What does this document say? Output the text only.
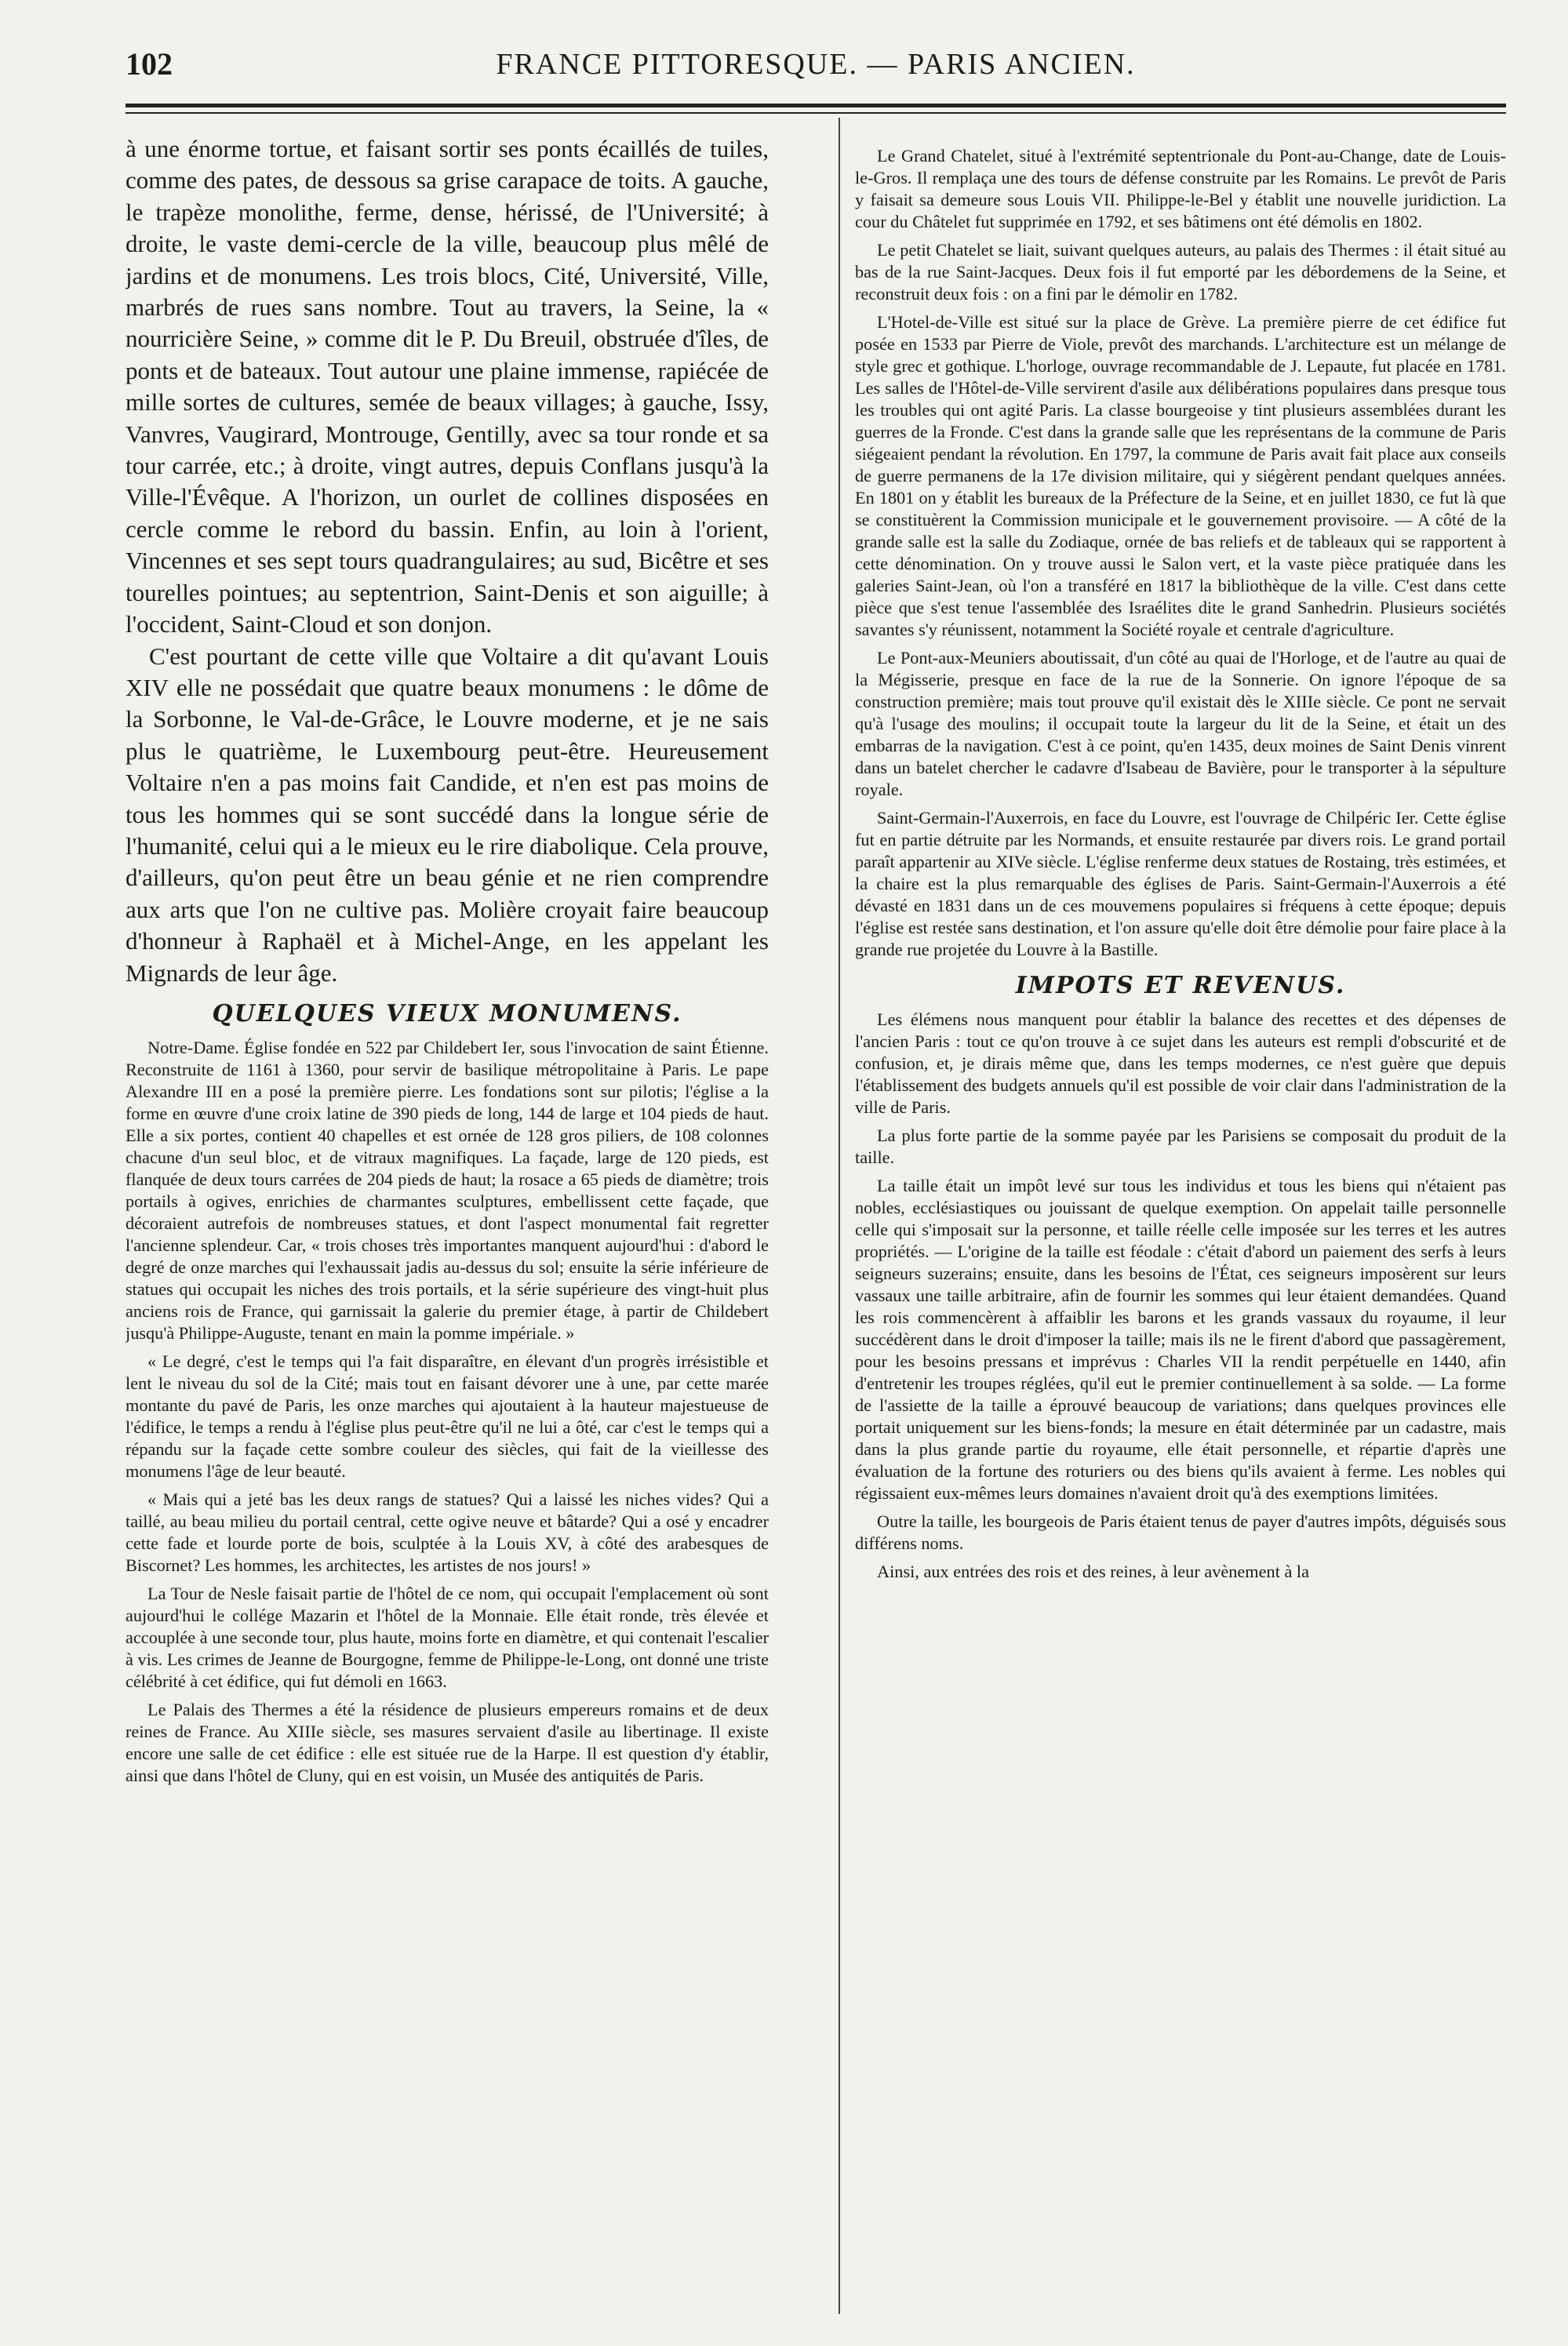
102	FRANCE PITTORESQUE. — PARIS ANCIEN.

à une énorme tortue, et faisant sortir ses ponts écaillés de tuiles, comme des pates, de dessous sa grise carapace de toits. A gauche, le trapèze monolithe, ferme, dense, hérissé, de l'Université; à droite, le vaste demi-cercle de la ville, beaucoup plus mêlé de jardins et de monumens. Les trois blocs, Cité, Université, Ville, marbrés de rues sans nombre. Tout au travers, la Seine, la « nourricière Seine, » comme dit le P. Du Breuil, obstruée d'îles, de ponts et de bateaux. Tout autour une plaine immense, rapiécée de mille sortes de cultures, semée de beaux villages; à gauche, Issy, Vanvres, Vaugirard, Montrouge, Gentilly, avec sa tour ronde et sa tour carrée, etc.; à droite, vingt autres, depuis Conflans jusqu'à la Ville-l'Évêque. A l'horizon, un ourlet de collines disposées en cercle comme le rebord du bassin. Enfin, au loin à l'orient, Vincennes et ses sept tours quadrangulaires; au sud, Bicêtre et ses tourelles pointues; au septentrion, Saint-Denis et son aiguille; à l'occident, Saint-Cloud et son donjon.

C'est pourtant de cette ville que Voltaire a dit qu'avant Louis XIV elle ne possédait que quatre beaux monumens : le dôme de la Sorbonne, le Val-de-Grâce, le Louvre moderne, et je ne sais plus le quatrième, le Luxembourg peut-être. Heureusement Voltaire n'en a pas moins fait Candide, et n'en est pas moins de tous les hommes qui se sont succédé dans la longue série de l'humanité, celui qui a le mieux eu le rire diabolique. Cela prouve, d'ailleurs, qu'on peut être un beau génie et ne rien comprendre aux arts que l'on ne cultive pas. Molière croyait faire beaucoup d'honneur à Raphaël et à Michel-Ange, en les appelant les Mignards de leur âge.

QUELQUES VIEUX MONUMENS.

Notre-Dame. Église fondée en 522 par Childebert Ier, sous l'invocation de saint Étienne. Reconstruite de 1161 à 1360, pour servir de basilique métropolitaine à Paris. Le pape Alexandre III en a posé la première pierre. Les fondations sont sur pilotis; l'église a la forme en œuvre d'une croix latine de 390 pieds de long, 144 de large et 104 pieds de haut. Elle a six portes, contient 40 chapelles et est ornée de 128 gros piliers, de 108 colonnes chacune d'un seul bloc, et de vitraux magnifiques. La façade, large de 120 pieds, est flanquée de deux tours carrées de 204 pieds de haut; la rosace a 65 pieds de diamètre; trois portails à ogives, enrichies de charmantes sculptures, embellissent cette façade, que décoraient autrefois de nombreuses statues, et dont l'aspect monumental fait regretter l'ancienne splendeur. Car, « trois choses très importantes manquent aujourd'hui : d'abord le degré de onze marches qui l'exhaussait jadis au-dessus du sol; ensuite la série inférieure de statues qui occupait les niches des trois portails, et la série supérieure des vingt-huit plus anciens rois de France, qui garnissait la galerie du premier étage, à partir de Childebert jusqu'à Philippe-Auguste, tenant en main la pomme impériale. »

« Le degré, c'est le temps qui l'a fait disparaître, en élevant d'un progrès irrésistible et lent le niveau du sol de la Cité; mais tout en faisant dévorer une à une, par cette marée montante du pavé de Paris, les onze marches qui ajoutaient à la hauteur majestueuse de l'édifice, le temps a rendu à l'église plus peut-être qu'il ne lui a ôté, car c'est le temps qui a répandu sur la façade cette sombre couleur des siècles, qui fait de la vieillesse des monumens l'âge de leur beauté.

« Mais qui a jeté bas les deux rangs de statues? Qui a laissé les niches vides? Qui a taillé, au beau milieu du portail central, cette ogive neuve et bâtarde? Qui a osé y encadrer cette fade et lourde porte de bois, sculptée à la Louis XV, à côté des arabesques de Biscornet? Les hommes, les architectes, les artistes de nos jours! »

La Tour de Nesle faisait partie de l'hôtel de ce nom, qui occupait l'emplacement où sont aujourd'hui le collége Mazarin et l'hôtel de la Monnaie. Elle était ronde, très élevée et accouplée à une seconde tour, plus haute, moins forte en diamètre, et qui contenait l'escalier à vis. Les crimes de Jeanne de Bourgogne, femme de Philippe-le-Long, ont donné une triste célébrité à cet édifice, qui fut démoli en 1663.

Le Palais des Thermes a été la résidence de plusieurs empereurs romains et de deux reines de France. Au XIIIe siècle, ses masures servaient d'asile au libertinage. Il existe encore une salle de cet édifice : elle est située rue de la Harpe. Il est question d'y établir, ainsi que dans l'hôtel de Cluny, qui en est voisin, un Musée des antiquités de Paris.

Le Grand Chatelet, situé à l'extrémité septentrionale du Pont-au-Change, date de Louis-le-Gros. Il remplaça une des tours de défense construite par les Romains. Le prevôt de Paris y faisait sa demeure sous Louis VII. Philippe-le-Bel y établit une nouvelle juridiction. La cour du Châtelet fut supprimée en 1792, et ses bâtimens ont été démolis en 1802.

Le petit Chatelet se liait, suivant quelques auteurs, au palais des Thermes : il était situé au bas de la rue Saint-Jacques. Deux fois il fut emporté par les débordemens de la Seine, et reconstruit deux fois : on a fini par le démolir en 1782.

L'Hotel-de-Ville est situé sur la place de Grève. La première pierre de cet édifice fut posée en 1533 par Pierre de Viole, prevôt des marchands. L'architecture est un mélange de style grec et gothique. L'horloge, ouvrage recommandable de J. Lepaute, fut placée en 1781. Les salles de l'Hôtel-de-Ville servirent d'asile aux délibérations populaires dans presque tous les troubles qui ont agité Paris. La classe bourgeoise y tint plusieurs assemblées durant les guerres de la Fronde. C'est dans la grande salle que les représentans de la commune de Paris siégeaient pendant la révolution. En 1797, la commune de Paris avait fait place aux conseils de guerre permanens de la 17e division militaire, qui y siégèrent pendant quelques années. En 1801 on y établit les bureaux de la Préfecture de la Seine, et en juillet 1830, ce fut là que se constituèrent la Commission municipale et le gouvernement provisoire. — A côté de la grande salle est la salle du Zodiaque, ornée de bas reliefs et de tableaux qui se rapportent à cette dénomination. On y trouve aussi le Salon vert, et la vaste pièce pratiquée dans les galeries Saint-Jean, où l'on a transféré en 1817 la bibliothèque de la ville. C'est dans cette pièce que s'est tenue l'assemblée des Israélites dite le grand Sanhedrin. Plusieurs sociétés savantes s'y réunissent, notamment la Société royale et centrale d'agriculture.

Le Pont-aux-Meuniers aboutissait, d'un côté au quai de l'Horloge, et de l'autre au quai de la Mégisserie, presque en face de la rue de la Sonnerie. On ignore l'époque de sa construction première; mais tout prouve qu'il existait dès le XIIIe siècle. Ce pont ne servait qu'à l'usage des moulins; il occupait toute la largeur du lit de la Seine, et était un des embarras de la navigation. C'est à ce point, qu'en 1435, deux moines de Saint Denis vinrent dans un batelet chercher le cadavre d'Isabeau de Bavière, pour le transporter à la sépulture royale.

Saint-Germain-l'Auxerrois, en face du Louvre, est l'ouvrage de Chilpéric Ier. Cette église fut en partie détruite par les Normands, et ensuite restaurée par divers rois. Le grand portail paraît appartenir au XIVe siècle. L'église renferme deux statues de Rostaing, très estimées, et la chaire est la plus remarquable des églises de Paris. Saint-Germain-l'Auxerrois a été dévasté en 1831 dans un de ces mouvemens populaires si fréquens à cette époque; depuis l'église est restée sans destination, et l'on assure qu'elle doit être démolie pour faire place à la grande rue projetée du Louvre à la Bastille.

IMPOTS ET REVENUS.

Les élémens nous manquent pour établir la balance des recettes et des dépenses de l'ancien Paris : tout ce qu'on trouve à ce sujet dans les auteurs est rempli d'obscurité et de confusion, et, je dirais même que, dans les temps modernes, ce n'est guère que depuis l'établissement des budgets annuels qu'il est possible de voir clair dans l'administration de la ville de Paris.

La plus forte partie de la somme payée par les Parisiens se composait du produit de la taille.

La taille était un impôt levé sur tous les individus et tous les biens qui n'étaient pas nobles, ecclésiastiques ou jouissant de quelque exemption. On appelait taille personnelle celle qui s'imposait sur la personne, et taille réelle celle imposée sur les terres et les autres propriétés. — L'origine de la taille est féodale : c'était d'abord un paiement des serfs à leurs seigneurs suzerains; ensuite, dans les besoins de l'État, ces seigneurs imposèrent sur leurs vassaux une taille arbitraire, afin de fournir les sommes qui leur étaient demandées. Quand les rois commencèrent à affaiblir les barons et les grands vassaux du royaume, il leur succédèrent dans le droit d'imposer la taille; mais ils ne le firent d'abord que passagèrement, pour les besoins pressans et imprévus : Charles VII la rendit perpétuelle en 1440, afin d'entretenir les troupes réglées, qu'il eut le premier continuellement à sa solde. — La forme de l'assiette de la taille a éprouvé beaucoup de variations; dans quelques provinces elle portait uniquement sur les biens-fonds; la mesure en était déterminée par un cadastre, mais dans la plus grande partie du royaume, elle était personnelle, et répartie d'après une évaluation de la fortune des roturiers ou des biens qu'ils avaient à ferme. Les nobles qui régissaient eux-mêmes leurs domaines n'avaient droit qu'à des exemptions limitées.

Outre la taille, les bourgeois de Paris étaient tenus de payer d'autres impôts, déguisés sous différens noms.

Ainsi, aux entrées des rois et des reines, à leur avènement à la
